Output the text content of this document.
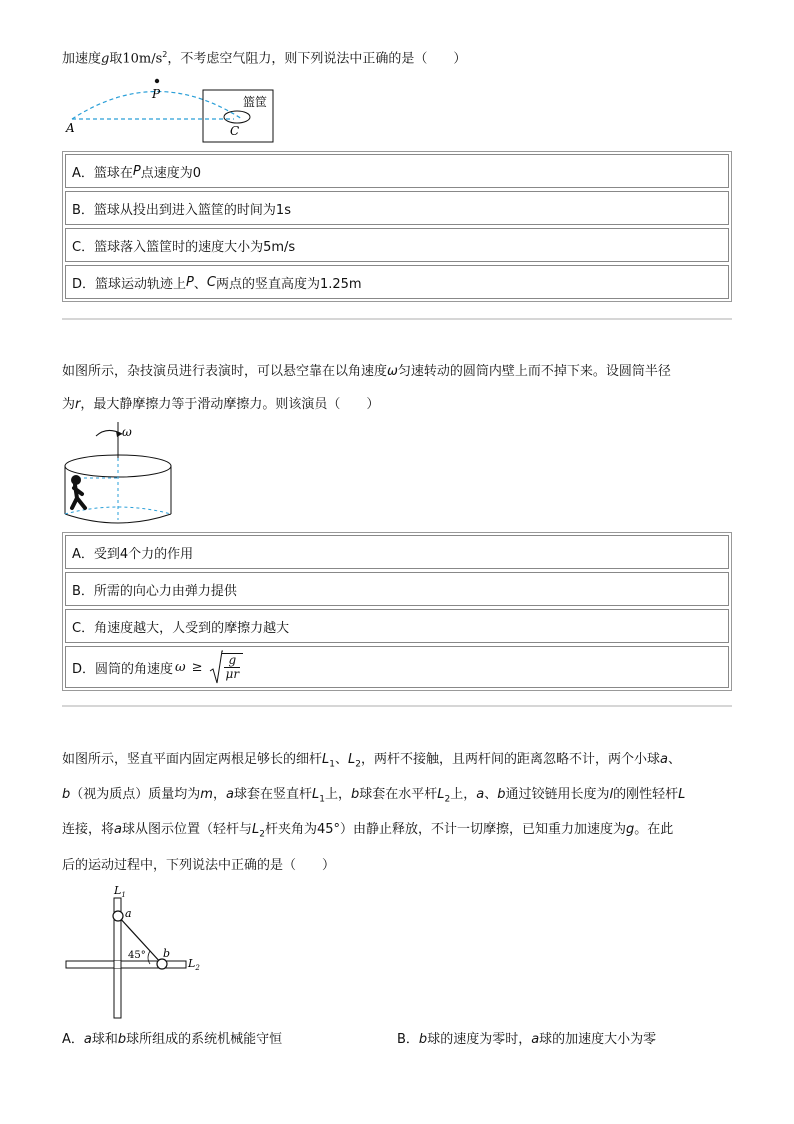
加速度g取$10m/s^2$，不考虑空气阻力，则下列说法中正确的是（　　）
P
A	C
篮筐
A．篮球在 P 点速度为0
B．篮球从投出到进入篮筐的时间为1s
C．篮球落入篮筐时的速度大小为5m/s
D．篮球运动轨迹上 P 、 C 两点的竖直高度为1.25m
如图所示，杂技演员进行表演时，可以悬空靠在以角速度ω匀速转动的圆筒内壁上而不掉下来。设圆筒半径
为r，最大静摩擦力等于滑动摩擦力。则该演员（　　）
ω
A．受到4个力的作用
B．所需的向心力由弹力提供
C．角速度越大，人受到的摩擦力越大
D．圆筒的角速度 $\omega \ge \frac{g}{\mu r}$
如图所示，竖直平面内固定两根足够长的细杆$L_1$、$L_2$，两杆不接触，且两杆间的距离忽略不计，两个小球a、
b（视为质点）质量均为m，a球套在竖直杆$L_1$上，b球套在水平杆$L_2$上，a、b通过铰链用长度为l的刚性轻杆L
连接，将a球从图示位置（轻杆与$L_2$杆夹角为45°）由静止释放，不计一切摩擦，已知重力加速度为g。在此
后的运动过程中，下列说法中正确的是（　　）
$L_1$
a
b
45°
$L_2$
A．a球和b球所组成的系统机械能守恒	B．b球的速度为零时，a球的加速度大小为零
